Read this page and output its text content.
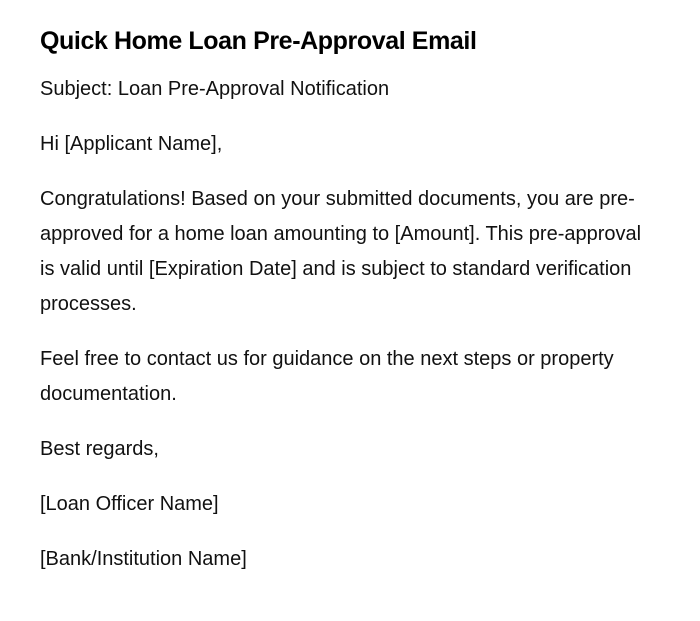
Quick Home Loan Pre-Approval Email

Subject: Loan Pre-Approval Notification

Hi [Applicant Name],

Congratulations! Based on your submitted documents, you are pre-approved for a home loan amounting to [Amount]. This pre-approval is valid until [Expiration Date] and is subject to standard verification processes.

Feel free to contact us for guidance on the next steps or property documentation.

Best regards,

[Loan Officer Name]

[Bank/Institution Name]
